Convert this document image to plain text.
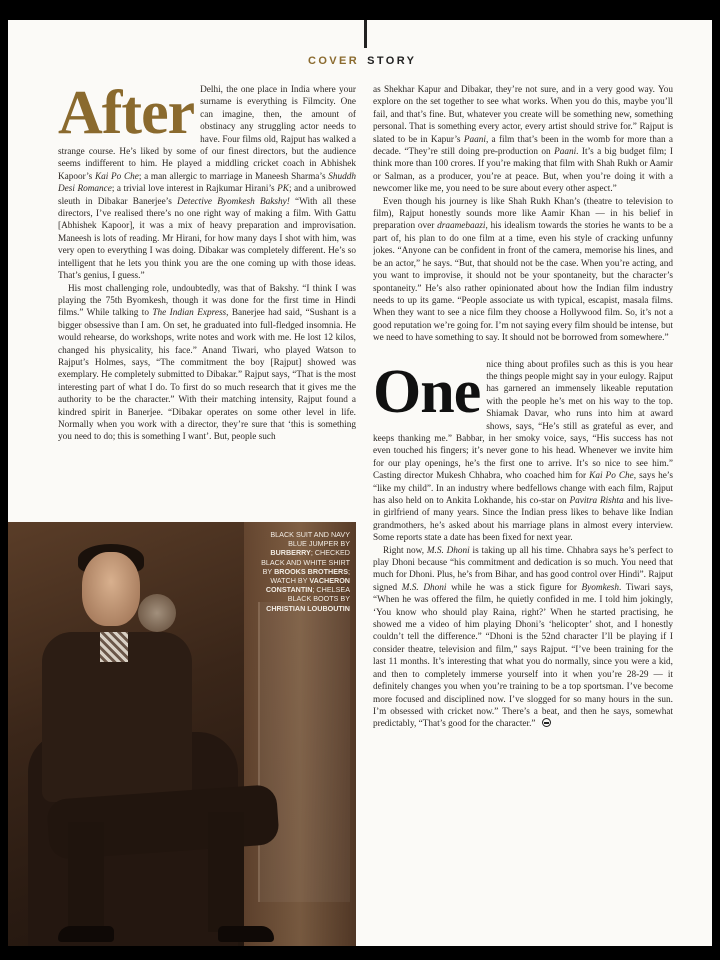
COVER STORY

After Delhi, the one place in India where your surname is everything is Filmcity. One can imagine, then, the amount of obstinacy any struggling actor needs to have. Four films old, Rajput has walked a strange course. He’s liked by some of our finest directors, but the audience seems indifferent to him. He played a middling cricket coach in Abhishek Kapoor’s Kai Po Che; a man allergic to marriage in Maneesh Sharma’s Shuddh Desi Romance; a trivial love interest in Rajkumar Hirani’s PK; and a unibrowed sleuth in Dibakar Banerjee’s Detective Byomkesh Bakshy! “With all these directors, I’ve realised there’s no one right way of making a film. With Gattu [Abhishek Kapoor], it was a mix of heavy preparation and improvisation. Maneesh is lots of reading. Mr Hirani, for how many days I shot with him, was very open to everything I was doing. Dibakar was completely different. He’s so intelligent that he lets you think you are the one coming up with those ideas. That’s genius, I guess.”

His most challenging role, undoubtedly, was that of Bakshy. “I think I was playing the 75th Byomkesh, though it was done for the first time in Hindi films.” While talking to The Indian Express, Banerjee had said, “Sushant is a bigger obsessive than I am. On set, he graduated into full-fledged insomnia. He would rehearse, do workshops, write notes and work with me. He lost 12 kilos, changed his physicality, his face.” Anand Tiwari, who played Watson to Rajput’s Holmes, says, “The commitment the boy [Rajput] showed was exemplary. He completely submitted to Dibakar.” Rajput says, “That is the most interesting part of what I do. To first do so much research that it gives me the authority to be the character.” With their matching intensity, Rajput found a kindred spirit in Banerjee. “Dibakar operates on some other level in life. Normally when you work with a director, they’re sure that ‘this is something you need to do; this is something I want’. But, people such

BLACK SUIT AND NAVY BLUE JUMPER BY BURBERRY; CHECKED BLACK AND WHITE SHIRT BY BROOKS BROTHERS; WATCH BY VACHERON CONSTANTIN; CHELSEA BLACK BOOTS BY CHRISTIAN LOUBOUTIN

as Shekhar Kapur and Dibakar, they’re not sure, and in a very good way. You explore on the set together to see what works. When you do this, maybe you’ll fail, and that’s fine. But, whatever you create will be something new, something personal. That is something every actor, every artist should strive for.” Rajput is slated to be in Kapur’s Paani, a film that’s been in the womb for more than a decade. “They’re still doing pre-production on Paani. It’s a big budget film; I think more than 100 crores. If you’re making that film with Shah Rukh or Aamir or Salman, as a producer, you’re at peace. But, when you’re doing it with a newcomer like me, you need to be sure about every other aspect.”

Even though his journey is like Shah Rukh Khan’s (theatre to television to film), Rajput honestly sounds more like Aamir Khan — in his belief in preparation over draamebaazi, his idealism towards the stories he wants to be a part of, his plan to do one film at a time, even his style of cracking unfunny jokes. “Anyone can be confident in front of the camera, memorise his lines, and be an actor,” he says. “But, that should not be the case. When you’re acting, and you want to improvise, it should not be your spontaneity, but the character’s spontaneity.” He’s also rather opinionated about how the Indian film industry needs to up its game. “People associate us with typical, escapist, masala films. When they want to see a nice film they choose a Hollywood film. So, it’s not a good reputation we’re going for. I’m not saying every film should be intense, but we need to have something to say. It should not be borrowed from somewhere.”

One nice thing about profiles such as this is you hear the things people might say in your eulogy. Rajput has garnered an immensely likeable reputation with the people he’s met on his way to the top. Shiamak Davar, who runs into him at award shows, says, “He’s still as grateful as ever, and keeps thanking me.” Babbar, in her smoky voice, says, “His success has not even touched his fingers; it’s never gone to his head. Whenever we invite him for our play openings, he’s the first one to arrive. It’s so nice to see him.” Casting director Mukesh Chhabra, who coached him for Kai Po Che, says he’s “like my child”. In an industry where bedfellows change with each film, Rajput has also held on to Ankita Lokhande, his co-star on Pavitra Rishta and his live-in girlfriend of many years. Since the Indian press likes to behave like Indian grandmothers, he’s asked about his marriage plans in almost every interview. Some reports state a date has been fixed for next year.

Right now, M.S. Dhoni is taking up all his time. Chhabra says he’s perfect to play Dhoni because “his commitment and dedication is so much. You need that much for Dhoni. Plus, he’s from Bihar, and has good control over Hindi”. Rajput signed M.S. Dhoni while he was a stick figure for Byomkesh. Tiwari says, “When he was offered the film, he quietly confided in me. I told him jokingly, ‘You know who should play Raina, right?’ When he started practising, he showed me a video of him playing Dhoni’s ‘helicopter’ shot, and I honestly couldn’t tell the difference.” “Dhoni is the 52nd character I’ll be playing if I consider theatre, television and film,” says Rajput. “I’ve been training for the last 11 months. It’s interesting that what you do normally, since you were a kid, and then to completely immerse yourself into it when you’re 28-29 — it definitely changes you when you’re training to be a top sportsman. I’ve become more focused and disciplined now. I’ve slogged for so many hours in the sun. I’m obsessed with cricket now.” There’s a beat, and then he says, somewhat predictably, “That’s good for the character.”
